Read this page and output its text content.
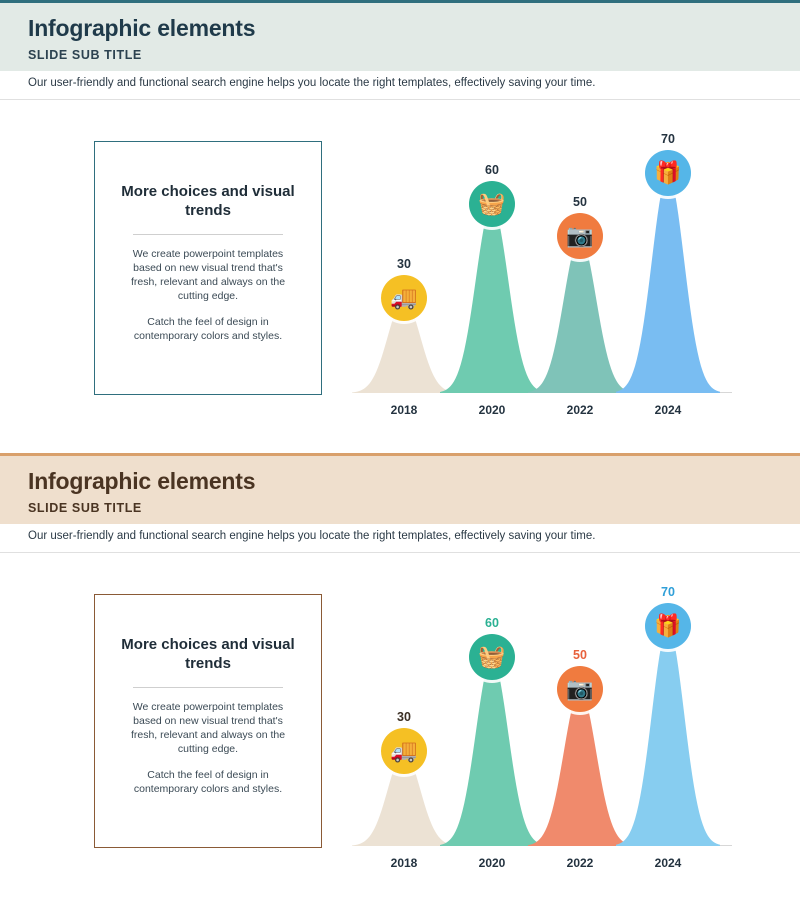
Infographic elements
SLIDE SUB TITLE
Our user-friendly and functional search engine helps you locate the right templates, effectively saving your time.
More choices and visual trends

We create powerpoint templates based on new visual trend that's fresh, relevant and always on the cutting edge.

Catch the feel of design in contemporary colors and styles.

🚚
30
2018
🧺
60
2020
📷
50
2022
🎁
70
2024
Infographic elements
SLIDE SUB TITLE
Our user-friendly and functional search engine helps you locate the right templates, effectively saving your time.
More choices and visual trends

We create powerpoint templates based on new visual trend that's fresh, relevant and always on the cutting edge.

Catch the feel of design in contemporary colors and styles.

🚚
30
2018
🧺
60
2020
📷
50
2022
🎁
70
2024
